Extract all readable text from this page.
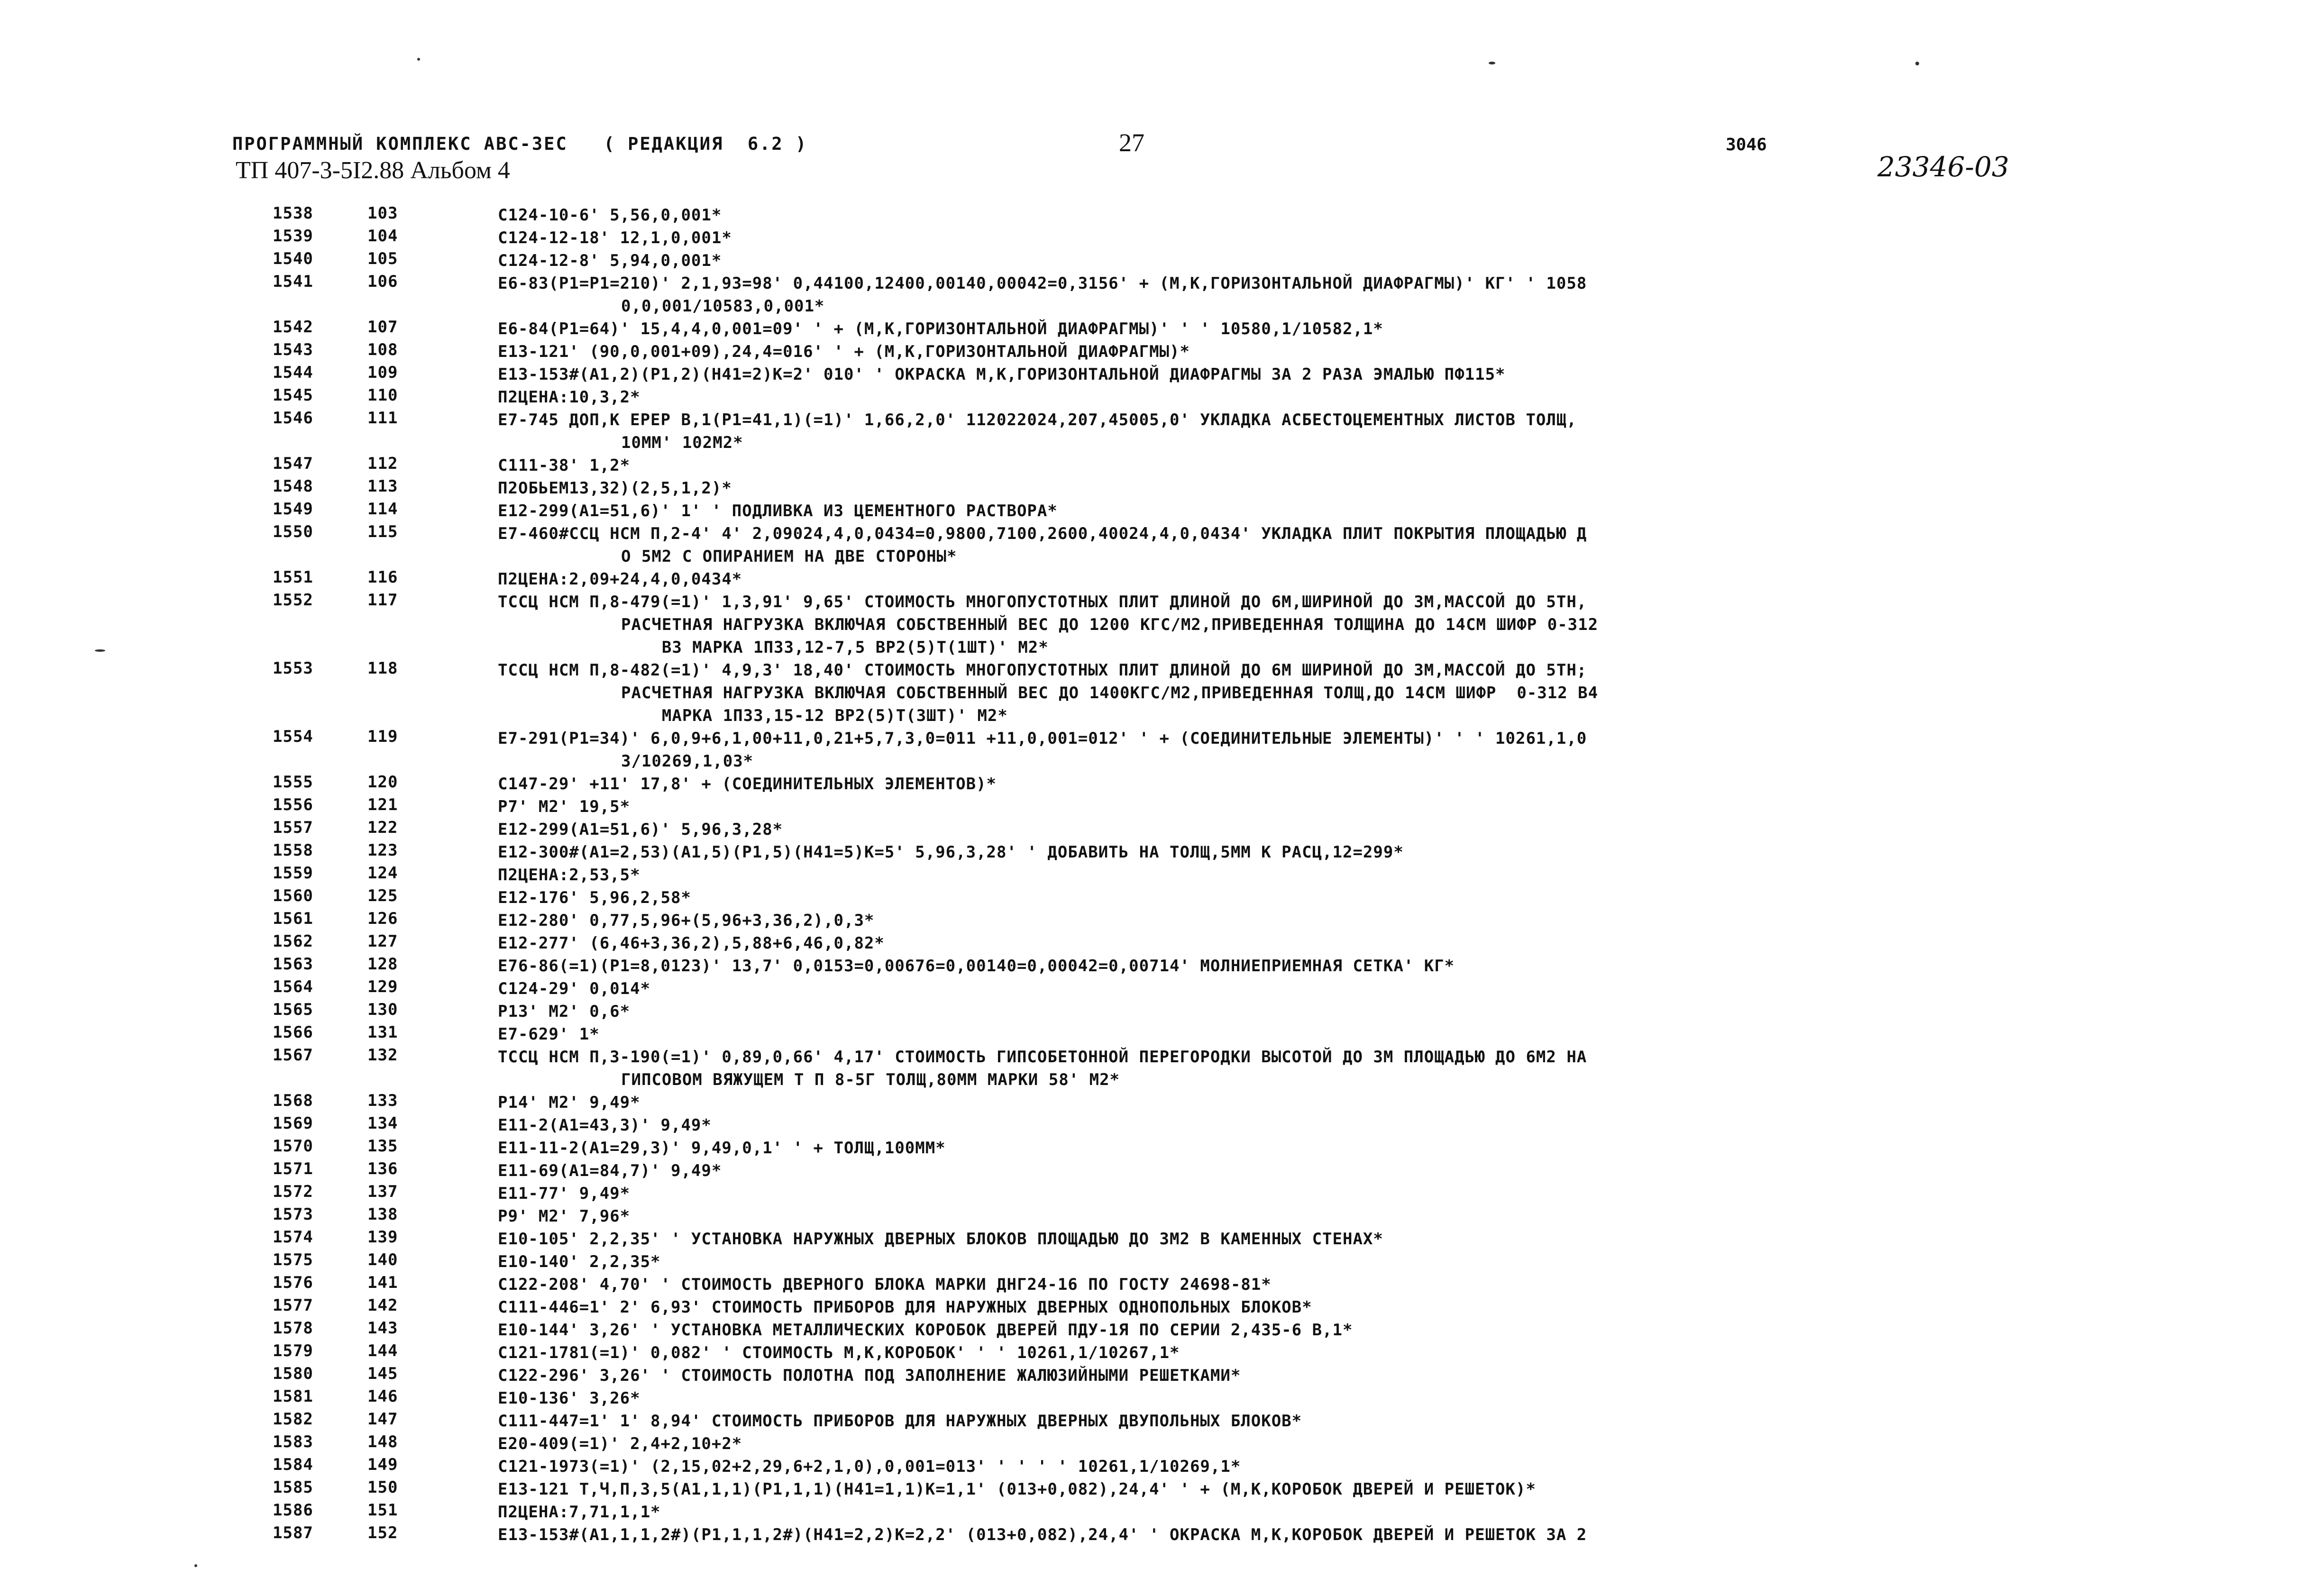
ПРОГРАММНЫЙ КОМПЛЕКС АВС-ЗЕС   ( РЕДАКЦИЯ  6.2 )	27	3046
ТП 407-3-5I2.88 Альбом 4	23346-03
1538	103	С124-10-6' 5,56,0,001*
1539	104	С124-12-18' 12,1,0,001*
1540	105	С124-12-8' 5,94,0,001*
1541	106	Е6-83(Р1=Р1=210)' 2,1,93=98' 0,44100,12400,00140,00042=0,3156' + (М,К,ГОРИЗОНТАЛЬНОЙ ДИАФРАГМЫ)' КГ' ' 1058
0,0,001/10583,0,001*
1542	107	Е6-84(Р1=64)' 15,4,4,0,001=09' ' + (М,К,ГОРИЗОНТАЛЬНОЙ ДИАФРАГМЫ)' ' ' 10580,1/10582,1*
1543	108	Е13-121' (90,0,001+09),24,4=016' ' + (М,К,ГОРИЗОНТАЛЬНОЙ ДИАФРАГМЫ)*
1544	109	Е13-153#(А1,2)(Р1,2)(Н41=2)К=2' 010' ' ОКРАСКА М,К,ГОРИЗОНТАЛЬНОЙ ДИАФРАГМЫ ЗА 2 РАЗА ЭМАЛЬЮ ПФ115*
1545	110	П2ЦЕНА:10,3,2*
1546	111	Е7-745 ДОП,К ЕРЕР В,1(Р1=41,1)(=1)' 1,66,2,0' 112022024,207,45005,0' УКЛАДКА АСБЕСТОЦЕМЕНТНЫХ ЛИСТОВ ТОЛЩ,
10ММ' 102М2*
1547	112	С111-38' 1,2*
1548	113	П2ОБЬЕМ13,32)(2,5,1,2)*
1549	114	Е12-299(А1=51,6)' 1' ' ПОДЛИВКА ИЗ ЦЕМЕНТНОГО РАСТВОРА*
1550	115	Е7-460#ССЦ НСМ П,2-4' 4' 2,09024,4,0,0434=0,9800,7100,2600,40024,4,0,0434' УКЛАДКА ПЛИТ ПОКРЫТИЯ ПЛОЩАДЬЮ Д
О 5М2 С ОПИРАНИЕМ НА ДВЕ СТОРОНЫ*
1551	116	П2ЦЕНА:2,09+24,4,0,0434*
1552	117	ТССЦ НСМ П,8-479(=1)' 1,3,91' 9,65' СТОИМОСТЬ МНОГОПУСТОТНЫХ ПЛИТ ДЛИНОЙ ДО 6М,ШИРИНОЙ ДО 3М,МАССОЙ ДО 5ТН,
РАСЧЕТНАЯ НАГРУЗКА ВКЛЮЧАЯ СОБСТВЕННЫЙ ВЕС ДО 1200 КГС/М2,ПРИВЕДЕННАЯ ТОЛЩИНА ДО 14СМ ШИФР 0-312
ВЗ МАРКА 1П33,12-7,5 ВР2(5)Т(1ШТ)' М2*
1553	118	ТССЦ НСМ П,8-482(=1)' 4,9,3' 18,40' СТОИМОСТЬ МНОГОПУСТОТНЫХ ПЛИТ ДЛИНОЙ ДО 6М ШИРИНОЙ ДО 3М,МАССОЙ ДО 5ТН;
РАСЧЕТНАЯ НАГРУЗКА ВКЛЮЧАЯ СОБСТВЕННЫЙ ВЕС ДО 1400КГС/М2,ПРИВЕДЕННАЯ ТОЛЩ,ДО 14СМ ШИФР  0-312 В4
МАРКА 1П33,15-12 ВР2(5)Т(3ШТ)' М2*
1554	119	Е7-291(Р1=34)' 6,0,9+6,1,00+11,0,21+5,7,3,0=011 +11,0,001=012' ' + (СОЕДИНИТЕЛЬНЫЕ ЭЛЕМЕНТЫ)' ' ' 10261,1,0
3/10269,1,03*
1555	120	С147-29' +11' 17,8' + (СОЕДИНИТЕЛЬНЫХ ЭЛЕМЕНТОВ)*
1556	121	Р7' М2' 19,5*
1557	122	Е12-299(А1=51,6)' 5,96,3,28*
1558	123	Е12-300#(А1=2,53)(А1,5)(Р1,5)(Н41=5)К=5' 5,96,3,28' ' ДОБАВИТЬ НА ТОЛЩ,5ММ К РАСЦ,12=299*
1559	124	П2ЦЕНА:2,53,5*
1560	125	Е12-176' 5,96,2,58*
1561	126	Е12-280' 0,77,5,96+(5,96+3,36,2),0,3*
1562	127	Е12-277' (6,46+3,36,2),5,88+6,46,0,82*
1563	128	Е76-86(=1)(Р1=8,0123)' 13,7' 0,0153=0,00676=0,00140=0,00042=0,00714' МОЛНИЕПРИЕМНАЯ СЕТКА' КГ*
1564	129	С124-29' 0,014*
1565	130	Р13' М2' 0,6*
1566	131	Е7-629' 1*
1567	132	ТССЦ НСМ П,3-190(=1)' 0,89,0,66' 4,17' СТОИМОСТЬ ГИПСОБЕТОННОЙ ПЕРЕГОРОДКИ ВЫСОТОЙ ДО 3М ПЛОЩАДЬЮ ДО 6М2 НА
ГИПСОВОМ ВЯЖУЩЕМ Т П 8-5Г ТОЛЩ,80ММ МАРКИ 58' М2*
1568	133	Р14' М2' 9,49*
1569	134	Е11-2(А1=43,3)' 9,49*
1570	135	Е11-11-2(А1=29,3)' 9,49,0,1' ' + ТОЛЩ,100ММ*
1571	136	Е11-69(А1=84,7)' 9,49*
1572	137	Е11-77' 9,49*
1573	138	Р9' М2' 7,96*
1574	139	Е10-105' 2,2,35' ' УСТАНОВКА НАРУЖНЫХ ДВЕРНЫХ БЛОКОВ ПЛОЩАДЬЮ ДО 3М2 В КАМЕННЫХ СТЕНАХ*
1575	140	Е10-140' 2,2,35*
1576	141	С122-208' 4,70' ' СТОИМОСТЬ ДВЕРНОГО БЛОКА МАРКИ ДНГ24-16 ПО ГОСТУ 24698-81*
1577	142	С111-446=1' 2' 6,93' СТОИМОСТЬ ПРИБОРОВ ДЛЯ НАРУЖНЫХ ДВЕРНЫХ ОДНОПОЛЬНЫХ БЛОКОВ*
1578	143	Е10-144' 3,26' ' УСТАНОВКА МЕТАЛЛИЧЕСКИХ КОРОБОК ДВЕРЕЙ ПДУ-1Я ПО СЕРИИ 2,435-6 В,1*
1579	144	С121-1781(=1)' 0,082' ' СТОИМОСТЬ М,К,КОРОБОК' ' ' 10261,1/10267,1*
1580	145	С122-296' 3,26' ' СТОИМОСТЬ ПОЛОТНА ПОД ЗАПОЛНЕНИЕ ЖАЛЮЗИЙНЫМИ РЕШЕТКАМИ*
1581	146	Е10-136' 3,26*
1582	147	С111-447=1' 1' 8,94' СТОИМОСТЬ ПРИБОРОВ ДЛЯ НАРУЖНЫХ ДВЕРНЫХ ДВУПОЛЬНЫХ БЛОКОВ*
1583	148	Е20-409(=1)' 2,4+2,10+2*
1584	149	С121-1973(=1)' (2,15,02+2,29,6+2,1,0),0,001=013' ' ' ' ' 10261,1/10269,1*
1585	150	Е13-121 Т,Ч,П,3,5(А1,1,1)(Р1,1,1)(Н41=1,1)К=1,1' (013+0,082),24,4' ' + (М,К,КОРОБОК ДВЕРЕЙ И РЕШЕТОК)*
1586	151	П2ЦЕНА:7,71,1,1*
1587	152	Е13-153#(А1,1,1,2#)(Р1,1,1,2#)(Н41=2,2)К=2,2' (013+0,082),24,4' ' ОКРАСКА М,К,КОРОБОК ДВЕРЕЙ И РЕШЕТОК ЗА 2
